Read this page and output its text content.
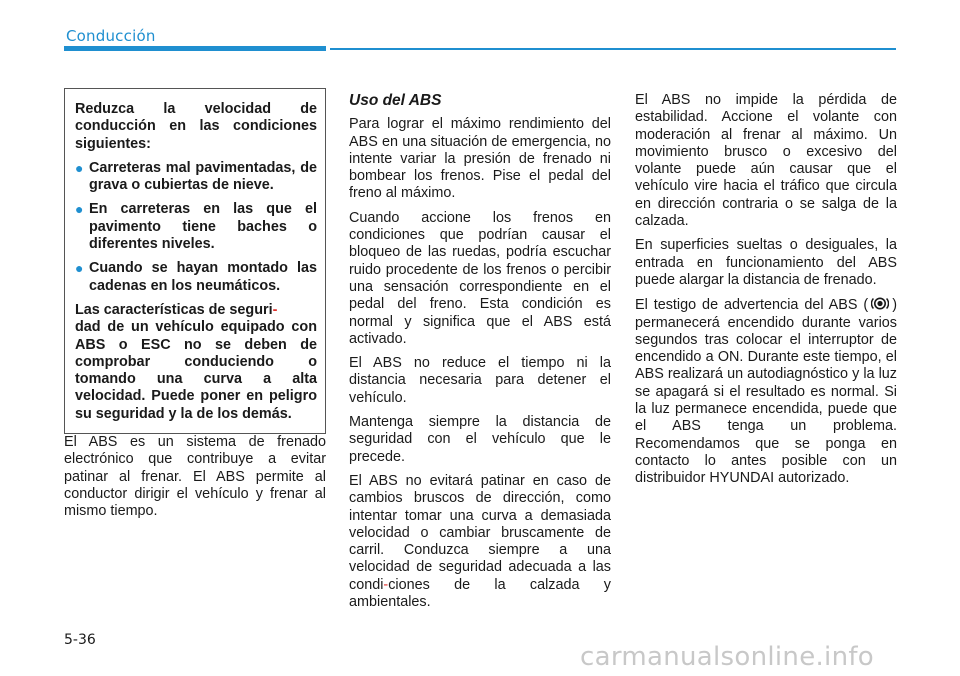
Conducción

Reduzca la velocidad de conducción en las condiciones siguientes:

● Carreteras mal pavimentadas, de grava o cubiertas de nieve.
● En carreteras en las que el pavimento tiene baches o diferentes niveles.
● Cuando se hayan montado las cadenas en los neumáticos.

Las características de seguri-
dad de un vehículo equipado con ABS o ESC no se deben de comprobar conduciendo o tomando una curva a alta velocidad. Puede poner en peligro su seguridad y la de los demás.

El ABS es un sistema de frenado electrónico que contribuye a evitar patinar al frenar. El ABS permite al conductor dirigir el vehículo y frenar al mismo tiempo.

Uso del ABS

Para lograr el máximo rendimiento del ABS en una situación de emergencia, no intente variar la presión de frenado ni bombear los frenos. Pise el pedal del freno al máximo.

Cuando accione los frenos en condiciones que podrían causar el bloqueo de las ruedas, podría escuchar ruido procedente de los frenos o percibir una sensación correspondiente en el pedal del freno. Esta condición es normal y significa que el ABS está activado.

El ABS no reduce el tiempo ni la distancia necesaria para detener el vehículo.

Mantenga siempre la distancia de seguridad con el vehículo que le precede.

El ABS no evitará patinar en caso de cambios bruscos de dirección, como intentar tomar una curva a demasiada velocidad o cambiar bruscamente de carril. Conduzca siempre a una velocidad de seguridad adecuada a las condi-ciones de la calzada y ambientales.

El ABS no impide la pérdida de estabilidad. Accione el volante con moderación al frenar al máximo. Un movimiento brusco o excesivo del volante puede aún causar que el vehículo vire hacia el tráfico que circula en dirección contraria o se salga de la calzada.

En superficies sueltas o desiguales, la entrada en funcionamiento del ABS puede alargar la distancia de frenado.

El testigo de advertencia del ABS ( ) permanecerá encendido durante varios segundos tras colocar el interruptor de encendido a ON. Durante este tiempo, el ABS realizará un autodiagnóstico y la luz se apagará si el resultado es normal. Si la luz permanece encendida, puede que el ABS tenga un problema. Recomendamos que se ponga en contacto lo antes posible con un distribuidor HYUNDAI autorizado.

5-36
carmanualsonline.info
